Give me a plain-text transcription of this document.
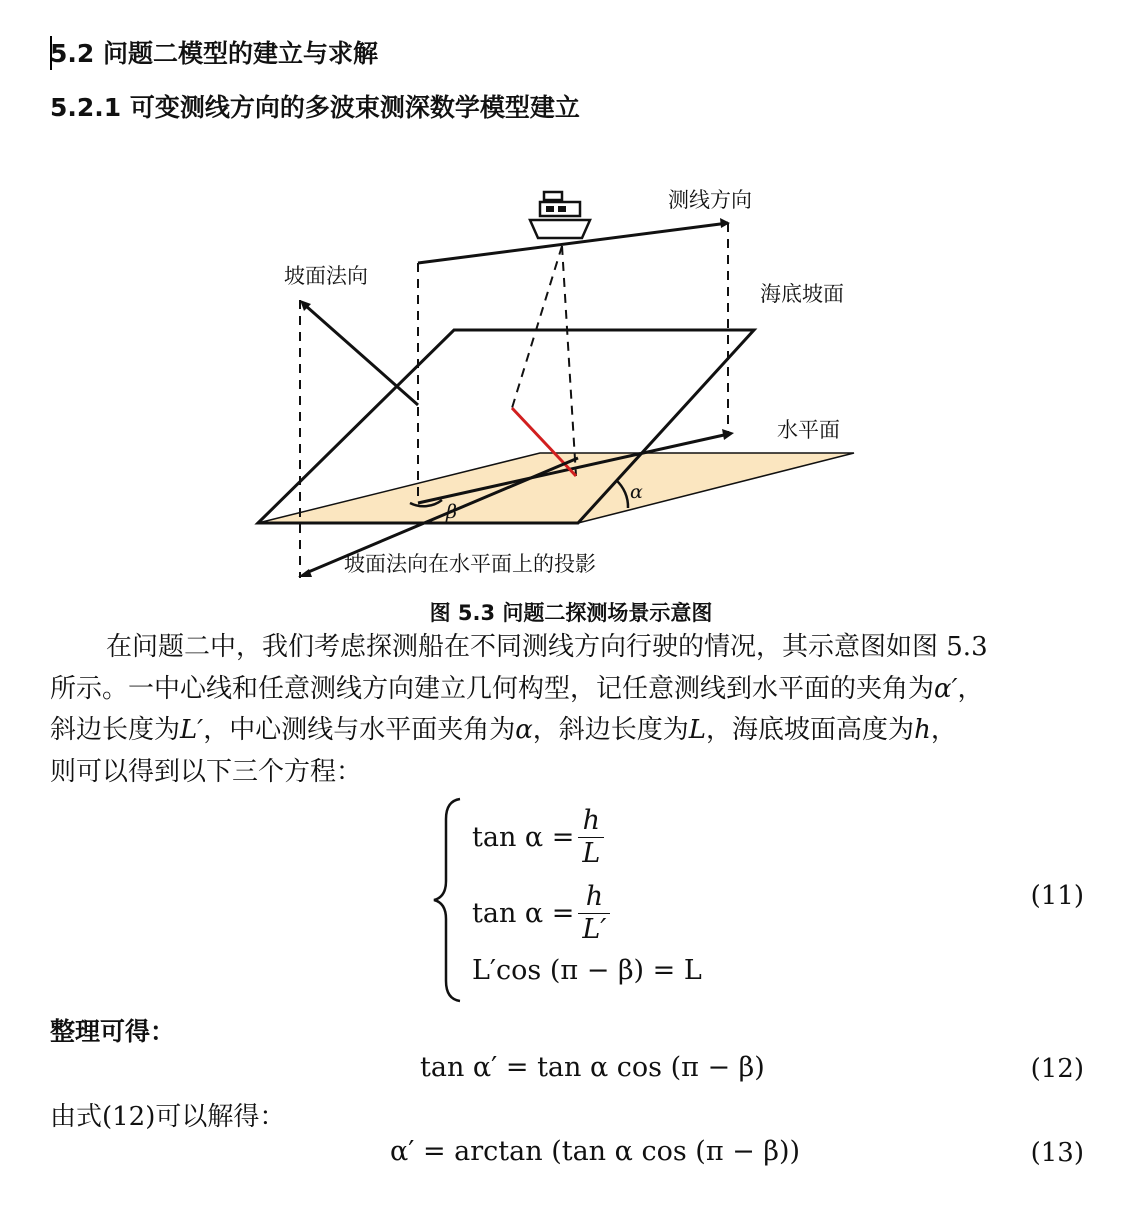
5.2 问题二模型的建立与求解
5.2.1 可变测线方向的多波束测深数学模型建立
测线方向
坡面法向
海底坡面
水平面
坡面法向在水平面上的投影
α
β
图 5.3 问题二探测场景示意图

在问题二中，我们考虑探测船在不同测线方向行驶的情况，其示意图如图 5.3

所示。一中心线和任意测线方向建立几何构型，记任意测线到水平面的夹角为α′，

斜边长度为L′，中心测线与水平面夹角为α，斜边长度为L，海底坡面高度为h，

则可以得到以下三个方程：

$\tan \alpha = \frac{h}{L}$
$\tan \alpha = \frac{h}{L'}$
L′cos (π − β) = L
(11)
整理可得：
tan α′ = tan α cos (π − β)	(12)
由式(12)可以解得：
α′ = arctan (tan α cos (π − β))	(13)
